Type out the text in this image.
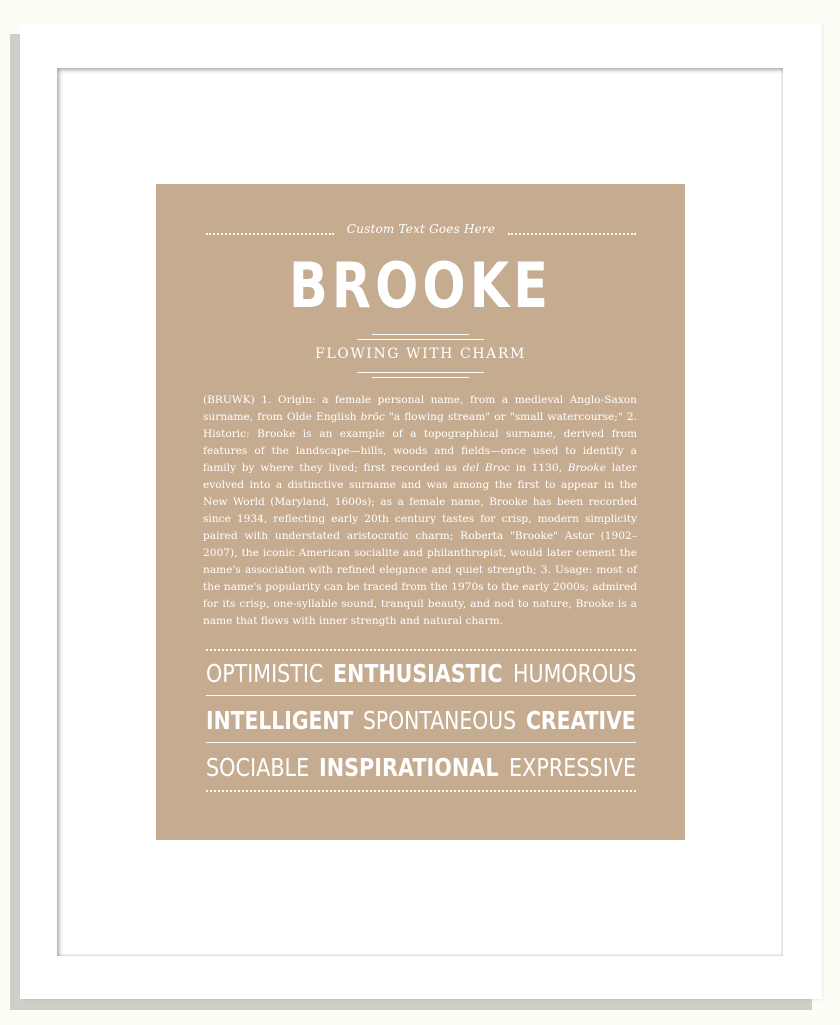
Custom Text Goes Here
BROOKE
FLOWING WITH CHARM
(BRUWK) 1. Origin: a female personal name, from a medieval Anglo-Saxon surname, from Olde English brōc "a flowing stream" or "small watercourse;" 2. Historic: Brooke is an example of a topographical surname, derived from features of the landscape—hills, woods and fields—once used to identify a family by where they lived; first recorded as del Broc in 1130, Brooke later evolved into a distinctive surname and was among the first to appear in the New World (Maryland, 1600s); as a female name, Brooke has been recorded since 1934, reflecting early 20th century tastes for crisp, modern simplicity paired with understated aristocratic charm; Roberta "Brooke" Astor (1902–2007), the iconic American socialite and philanthropist, would later cement the name's association with refined elegance and quiet strength; 3. Usage: most of the name's popularity can be traced from the 1970s to the early 2000s; admired for its crisp, one-syllable sound, tranquil beauty, and nod to nature, Brooke is a name that flows with inner strength and natural charm.
OPTIMISTIC ENTHUSIASTIC HUMOROUS
INTELLIGENT SPONTANEOUS CREATIVE
SOCIABLE INSPIRATIONAL EXPRESSIVE
